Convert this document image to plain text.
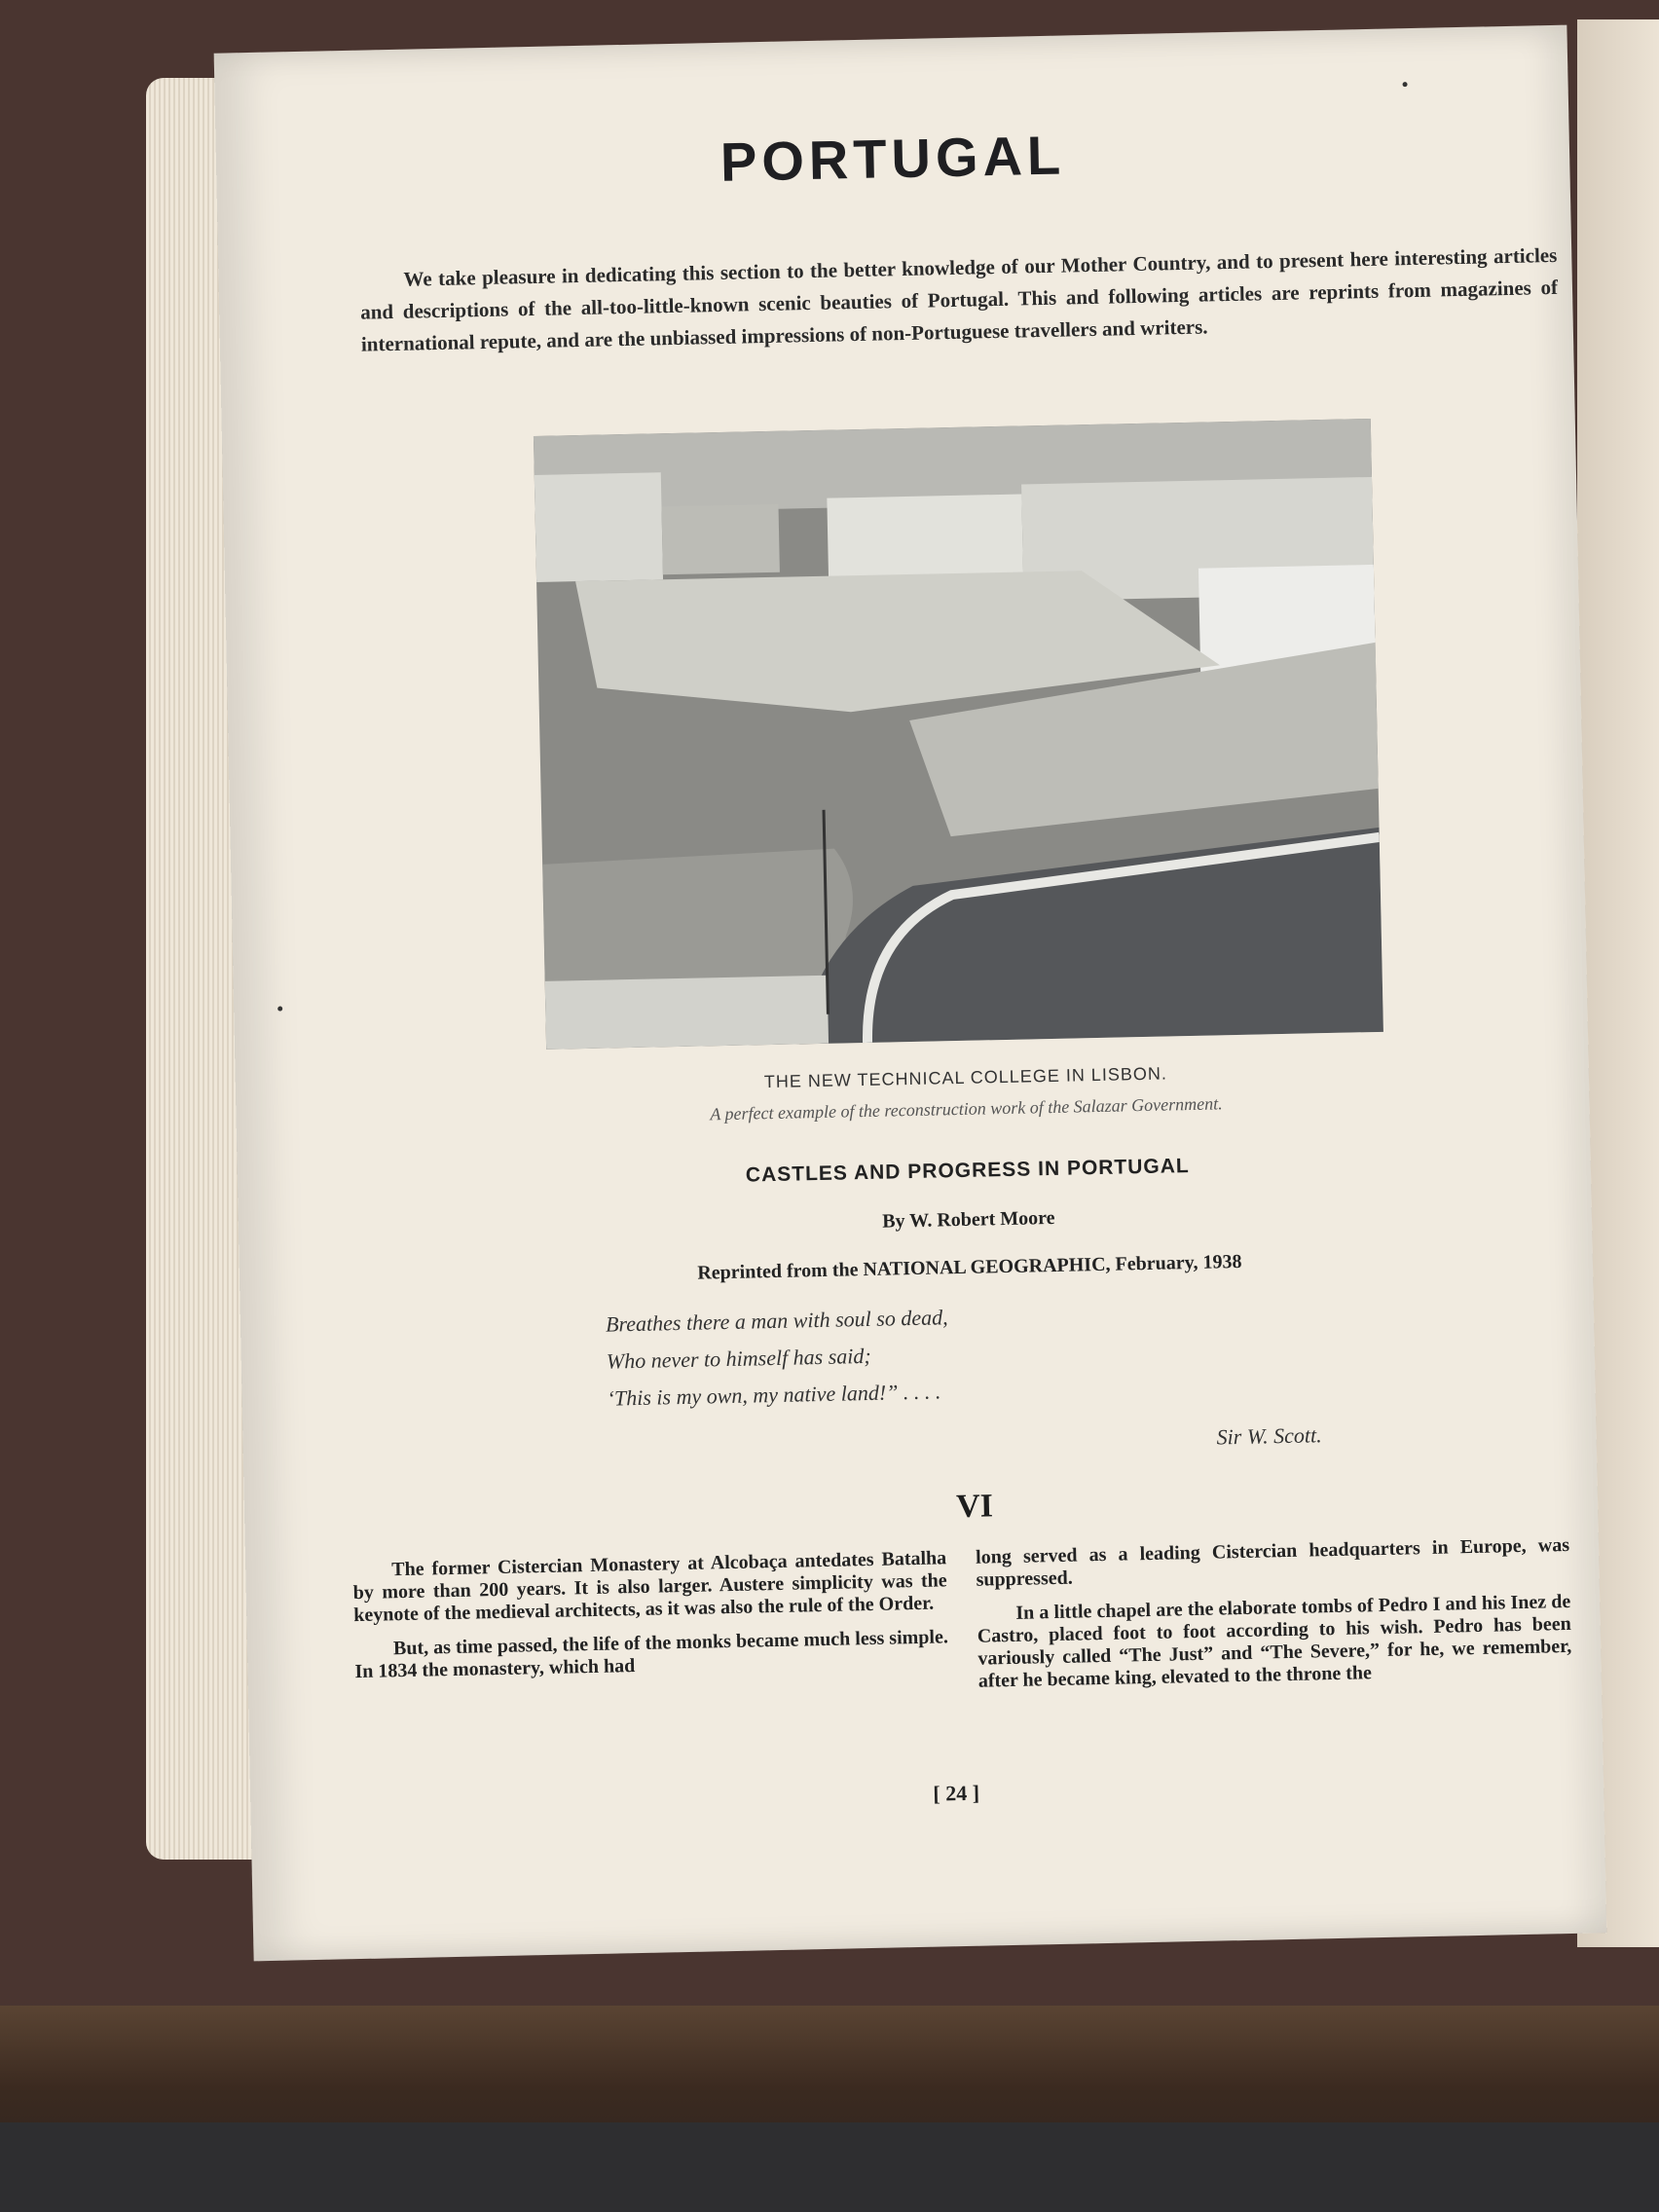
PORTUGAL
We take pleasure in dedicating this section to the better knowledge of our Mother Country, and to present here interesting articles and descriptions of the all-too-little-known scenic beauties of Portugal. This and following articles are reprints from magazines of international repute, and are the unbiassed impressions of non-Portuguese travellers and writers.
THE NEW TECHNICAL COLLEGE IN LISBON.
A perfect example of the reconstruction work of the Salazar Government.
CASTLES AND PROGRESS IN PORTUGAL
By W. Robert Moore
Reprinted from the NATIONAL GEOGRAPHIC, February, 1938
Breathes there a man with soul so dead,
Who never to himself has said;
‘This is my own, my native land!” . . . .
Sir W. Scott.
VI

The former Cistercian Monastery at Alcobaça antedates Batalha by more than 200 years. It is also larger. Austere simplicity was the keynote of the medieval architects, as it was also the rule of the Order.

But, as time passed, the life of the monks became much less simple. In 1834 the monastery, which had

long served as a leading Cistercian headquarters in Europe, was suppressed.

In a little chapel are the elaborate tombs of Pedro I and his Inez de Castro, placed foot to foot according to his wish. Pedro has been variously called “The Just” and “The Severe,” for he, we remember, after he became king, elevated to the throne the

[ 24 ]
